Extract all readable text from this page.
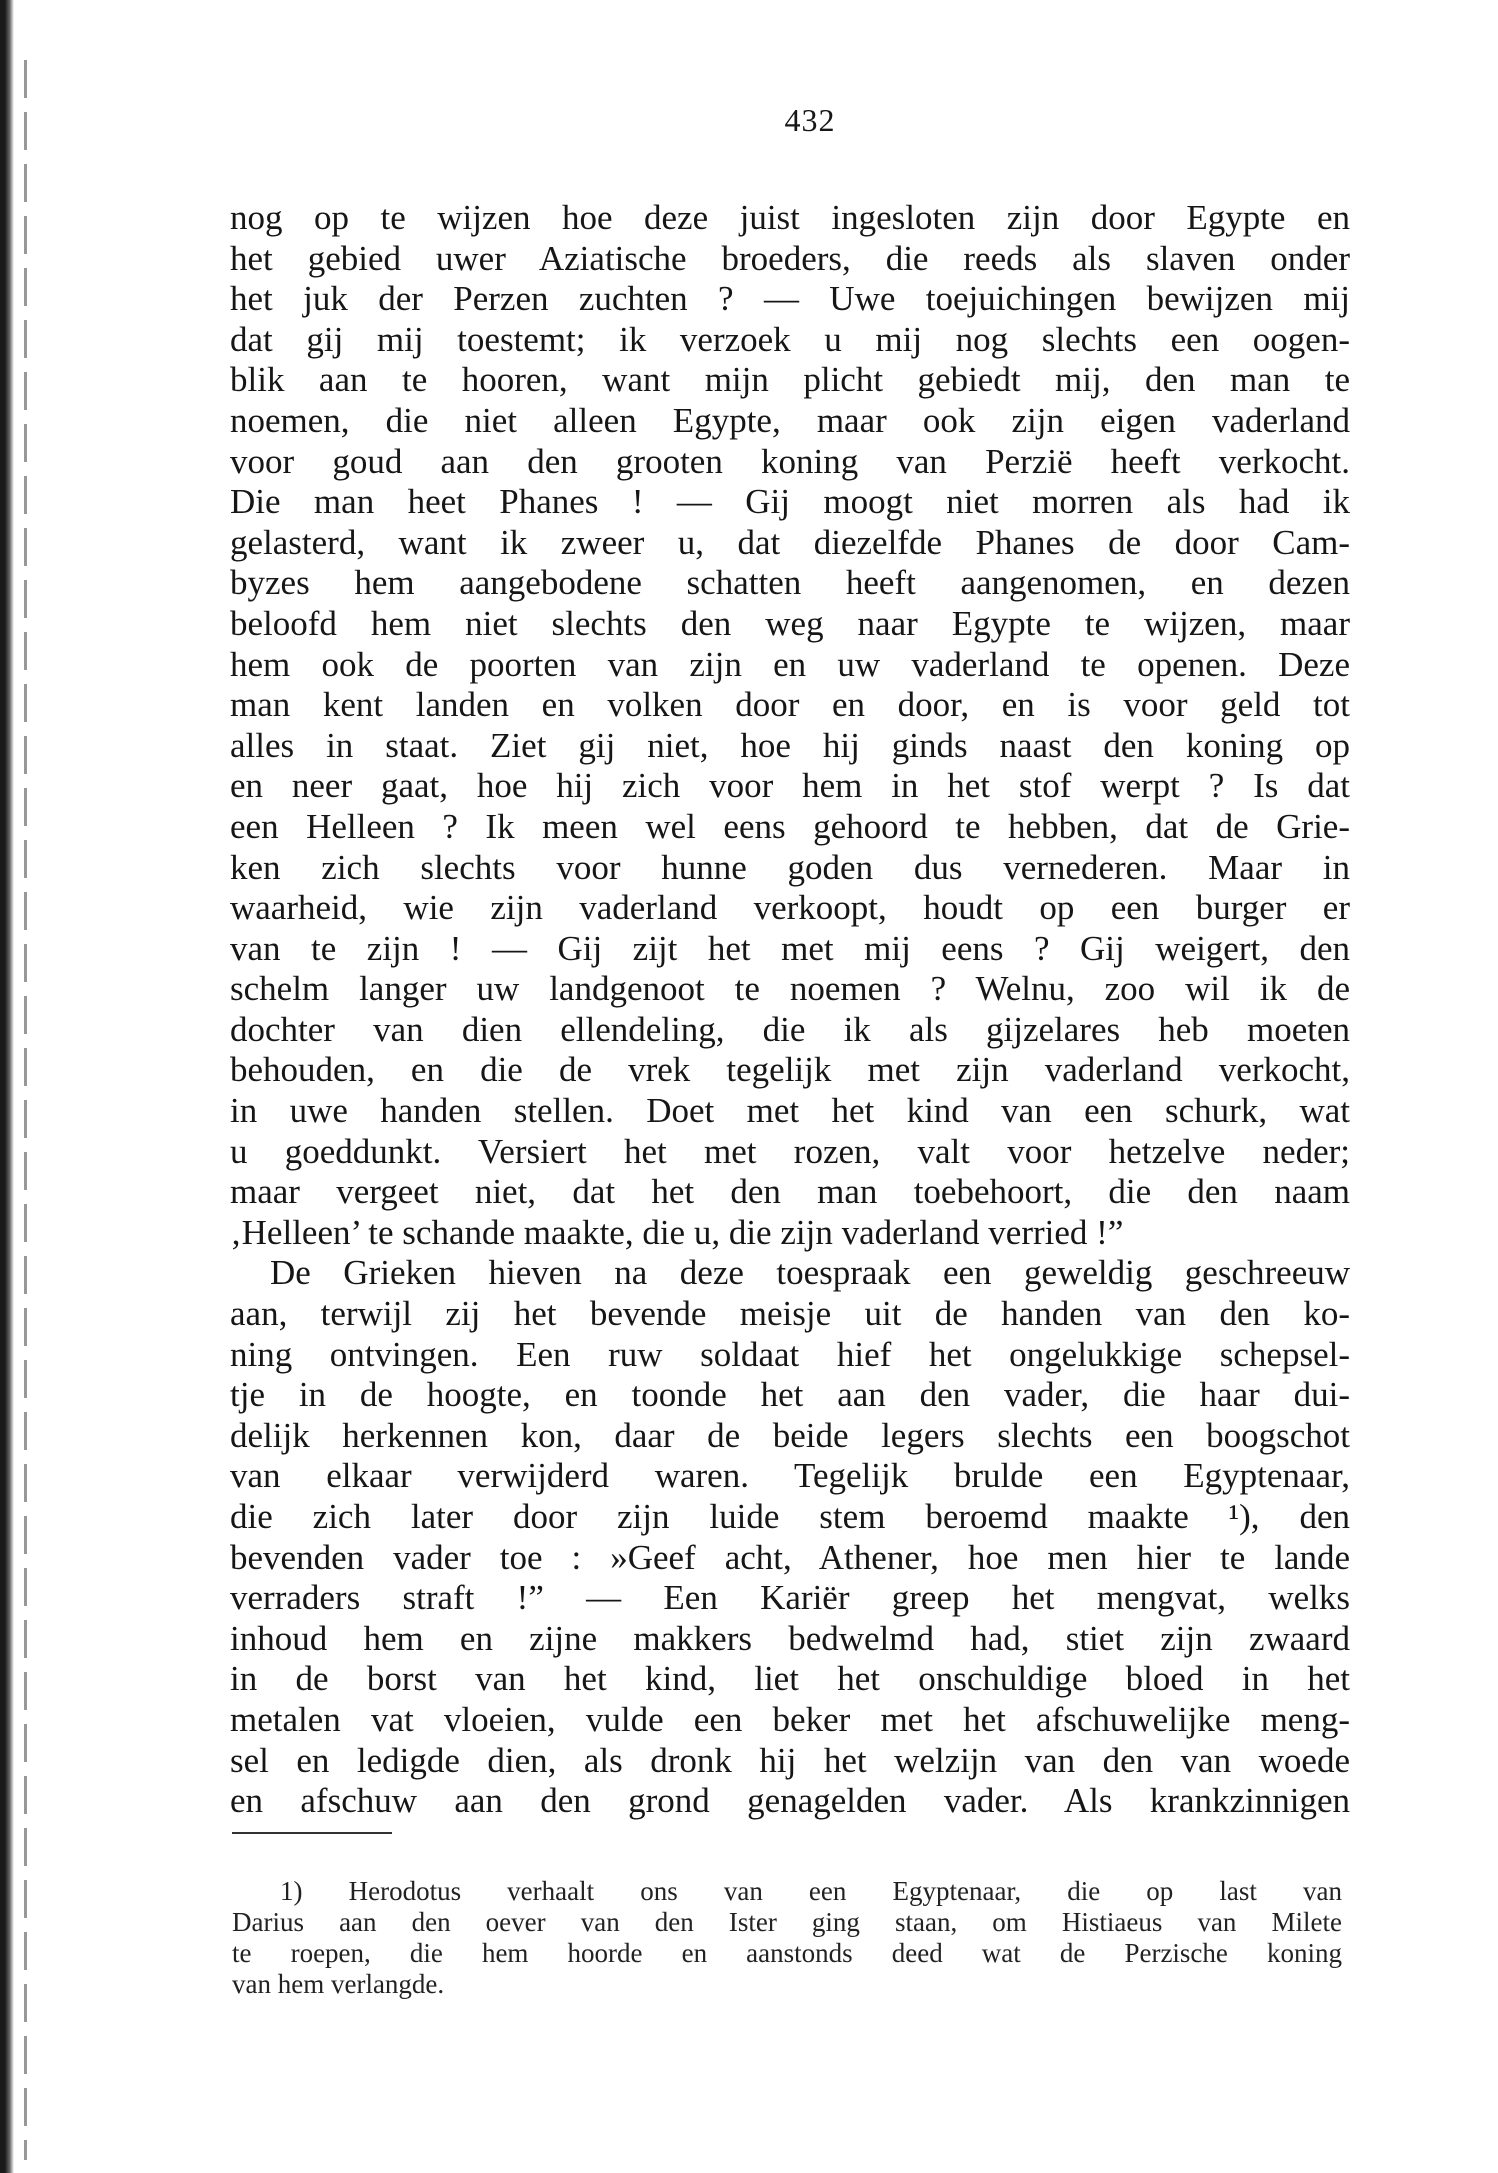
432
nog op te wijzen hoe deze juist ingesloten zijn door Egypte en
het gebied uwer Aziatische broeders, die reeds als slaven onder
het juk der Perzen zuchten ? — Uwe toejuichingen bewijzen mij
dat gij mij toestemt; ik verzoek u mij nog slechts een oogen-
blik aan te hooren, want mijn plicht gebiedt mij, den man te
noemen, die niet alleen Egypte, maar ook zijn eigen vaderland
voor goud aan den grooten koning van Perzië heeft verkocht.
Die man heet Phanes ! — Gij moogt niet morren als had ik
gelasterd, want ik zweer u, dat diezelfde Phanes de door Cam-
byzes hem aangebodene schatten heeft aangenomen, en dezen
beloofd hem niet slechts den weg naar Egypte te wijzen, maar
hem ook de poorten van zijn en uw vaderland te openen. Deze
man kent landen en volken door en door, en is voor geld tot
alles in staat. Ziet gij niet, hoe hij ginds naast den koning op
en neer gaat, hoe hij zich voor hem in het stof werpt ? Is dat
een Helleen ? Ik meen wel eens gehoord te hebben, dat de Grie-
ken zich slechts voor hunne goden dus vernederen. Maar in
waarheid, wie zijn vaderland verkoopt, houdt op een burger er
van te zijn ! — Gij zijt het met mij eens ? Gij weigert, den
schelm langer uw landgenoot te noemen ? Welnu, zoo wil ik de
dochter van dien ellendeling, die ik als gijzelares heb moeten
behouden, en die de vrek tegelijk met zijn vaderland verkocht,
in uwe handen stellen. Doet met het kind van een schurk, wat
u goeddunkt. Versiert het met rozen, valt voor hetzelve neder;
maar vergeet niet, dat het den man toebehoort, die den naam
‚Helleen’ te schande maakte, die u, die zijn vaderland verried !”
De Grieken hieven na deze toespraak een geweldig geschreeuw
aan, terwijl zij het bevende meisje uit de handen van den ko-
ning ontvingen. Een ruw soldaat hief het ongelukkige schepsel-
tje in de hoogte, en toonde het aan den vader, die haar dui-
delijk herkennen kon, daar de beide legers slechts een boogschot
van elkaar verwijderd waren. Tegelijk brulde een Egyptenaar,
die zich later door zijn luide stem beroemd maakte ¹), den
bevenden vader toe : »Geef acht, Athener, hoe men hier te lande
verraders straft !” — Een Kariër greep het mengvat, welks
inhoud hem en zijne makkers bedwelmd had, stiet zijn zwaard
in de borst van het kind, liet het onschuldige bloed in het
metalen vat vloeien, vulde een beker met het afschuwelijke meng-
sel en ledigde dien, als dronk hij het welzijn van den van woede
en afschuw aan den grond genagelden vader. Als krankzinnigen
1) Herodotus verhaalt ons van een Egyptenaar, die op last van
Darius aan den oever van den Ister ging staan, om Histiaeus van Milete
te roepen, die hem hoorde en aanstonds deed wat de Perzische koning
van hem verlangde.
